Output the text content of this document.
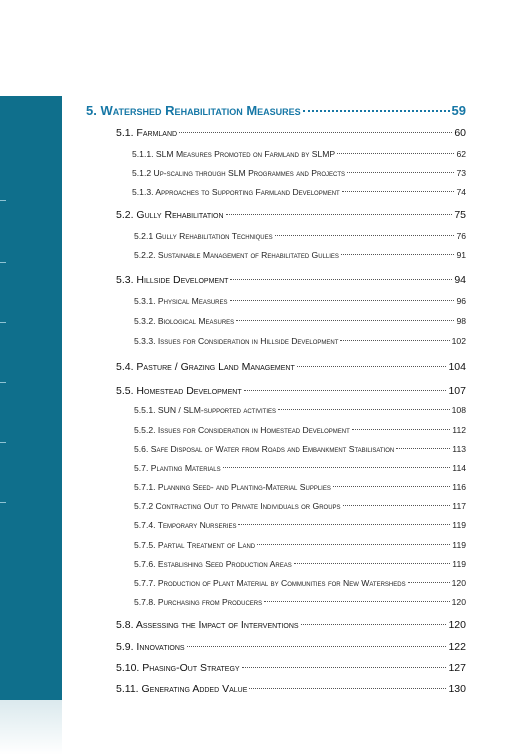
5. Watershed Rehabilitation Measures	59
5.1. Farmland	60
5.1.1. SLM Measures Promoted on Farmland by SLMP	62
5.1.2 Up-scaling through SLM Programmes and Projects	73
5.1.3. Approaches to Supporting Farmland Development	74
5.2. Gully Rehabilitation	75
5.2.1 Gully Rehabilitation Techniques	76
5.2.2. Sustainable Management of Rehabilitated Gullies	91
5.3. Hillside Development	94
5.3.1. Physical Measures	96
5.3.2. Biological Measures	98
5.3.3. Issues for Consideration in Hillside Development	102
5.4. Pasture / Grazing Land Management	104
5.5. Homestead Development	107
5.5.1. SUN / SLM-supported activities	108
5.5.2. Issues for Consideration in Homestead Development	112
5.6. Safe Disposal of Water from Roads and Embankment Stabilisation	113
5.7. Planting Materials	114
5.7.1. Planning Seed- and Planting-Material Supplies	116
5.7.2 Contracting Out to Private Individuals or Groups	117
5.7.4. Temporary Nurseries	119
5.7.5. Partial Treatment of Land	119
5.7.6. Establishing Seed Production Areas	119
5.7.7. Production of Plant Material by Communities for New Watersheds	120
5.7.8. Purchasing from Producers	120
5.8. Assessing the Impact of Interventions	120
5.9. Innovations	122
5.10. Phasing-Out Strategy	127
5.11. Generating Added Value	130
